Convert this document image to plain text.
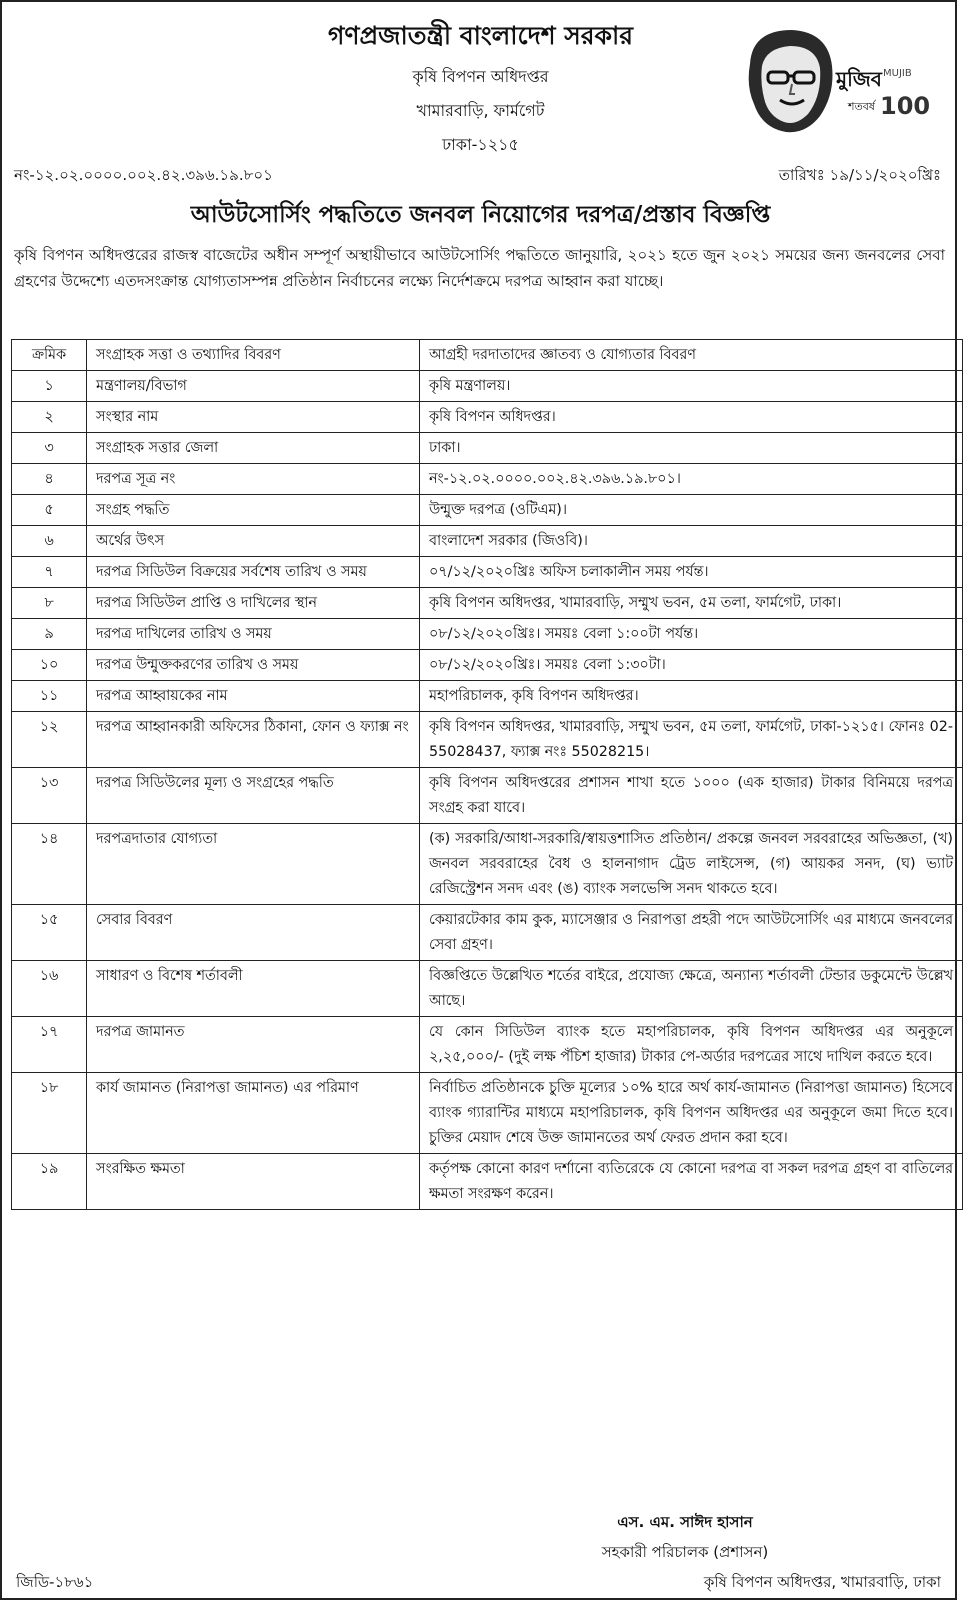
গণপ্রজাতন্ত্রী বাংলাদেশ সরকার
কৃষি বিপণন অধিদপ্তর
খামারবাড়ি, ফার্মগেট
ঢাকা-১২১৫
মুজিব MUJIB
শতবর্ষ 100
নং-১২.০২.০০০০.০০২.৪২.৩৯৬.১৯.৮০১	তারিখঃ ১৯/১১/২০২০খ্রিঃ
আউটসোর্সিং পদ্ধতিতে জনবল নিয়োগের দরপত্র/প্রস্তাব বিজ্ঞপ্তি
কৃষি বিপণন অধিদপ্তরের রাজস্ব বাজেটের অধীন সম্পূর্ণ অস্থায়ীভাবে আউটসোর্সিং পদ্ধতিতে জানুয়ারি, ২০২১ হতে জুন ২০২১ সময়ের জন্য জনবলের সেবা গ্রহণের উদ্দেশ্যে এতদসংক্রান্ত যোগ্যতাসম্পন্ন প্রতিষ্ঠান নির্বাচনের লক্ষ্যে নির্দেশক্রমে দরপত্র আহ্বান করা যাচ্ছে।
ক্রমিক	সংগ্রাহক সত্তা ও তথ্যাদির বিবরণ	আগ্রহী দরদাতাদের জ্ঞাতব্য ও যোগ্যতার বিবরণ
১	মন্ত্রণালয়/বিভাগ	কৃষি মন্ত্রণালয়।
২	সংস্থার নাম	কৃষি বিপণন অধিদপ্তর।
৩	সংগ্রাহক সত্তার জেলা	ঢাকা।
৪	দরপত্র সূত্র নং	নং-১২.০২.০০০০.০০২.৪২.৩৯৬.১৯.৮০১।
৫	সংগ্রহ পদ্ধতি	উন্মুক্ত দরপত্র (ওটিএম)।
৬	অর্থের উৎস	বাংলাদেশ সরকার (জিওবি)।
৭	দরপত্র সিডিউল বিক্রয়ের সর্বশেষ তারিখ ও সময়	০৭/১২/২০২০খ্রিঃ অফিস চলাকালীন সময় পর্যন্ত।
৮	দরপত্র সিডিউল প্রাপ্তি ও দাখিলের স্থান	কৃষি বিপণন অধিদপ্তর, খামারবাড়ি, সম্মুখ ভবন, ৫ম তলা, ফার্মগেট, ঢাকা।
৯	দরপত্র দাখিলের তারিখ ও সময়	০৮/১২/২০২০খ্রিঃ। সময়ঃ বেলা ১:০০টা পর্যন্ত।
১০	দরপত্র উন্মুক্তকরণের তারিখ ও সময়	০৮/১২/২০২০খ্রিঃ। সময়ঃ বেলা ১:৩০টা।
১১	দরপত্র আহ্বায়কের নাম	মহাপরিচালক, কৃষি বিপণন অধিদপ্তর।
১২	দরপত্র আহ্বানকারী অফিসের ঠিকানা, ফোন ও ফ্যাক্স নং	কৃষি বিপণন অধিদপ্তর, খামারবাড়ি, সম্মুখ ভবন, ৫ম তলা, ফার্মগেট, ঢাকা-১২১৫। ফোনঃ 02-55028437, ফ্যাক্স নংঃ 55028215।
১৩	দরপত্র সিডিউলের মূল্য ও সংগ্রহের পদ্ধতি	কৃষি বিপণন অধিদপ্তরের প্রশাসন শাখা হতে ১০০০ (এক হাজার) টাকার বিনিময়ে দরপত্র সংগ্রহ করা যাবে।
১৪	দরপত্রদাতার যোগ্যতা	(ক) সরকারি/আধা-সরকারি/স্বায়ত্তশাসিত প্রতিষ্ঠান/ প্রকল্পে জনবল সরবরাহের অভিজ্ঞতা, (খ) জনবল সরবরাহের বৈধ ও হালনাগাদ ট্রেড লাইসেন্স, (গ) আয়কর সনদ, (ঘ) ভ্যাট রেজিস্ট্রেশন সনদ এবং (ঙ) ব্যাংক সলভেন্সি সনদ থাকতে হবে।
১৫	সেবার বিবরণ	কেয়ারটেকার কাম কুক, ম্যাসেঞ্জার ও নিরাপত্তা প্রহরী পদে আউটসোর্সিং এর মাধ্যমে জনবলের সেবা গ্রহণ।
১৬	সাধারণ ও বিশেষ শর্তাবলী	বিজ্ঞপ্তিতে উল্লেখিত শর্তের বাইরে, প্রযোজ্য ক্ষেত্রে, অন্যান্য শর্তাবলী টেন্ডার ডকুমেন্টে উল্লেখ আছে।
১৭	দরপত্র জামানত	যে কোন সিডিউল ব্যাংক হতে মহাপরিচালক, কৃষি বিপণন অধিদপ্তর এর অনুকূলে ২,২৫,০০০/- (দুই লক্ষ পঁচিশ হাজার) টাকার পে-অর্ডার দরপত্রের সাথে দাখিল করতে হবে।
১৮	কার্য জামানত (নিরাপত্তা জামানত) এর পরিমাণ	নির্বাচিত প্রতিষ্ঠানকে চুক্তি মূল্যের ১০% হারে অর্থ কার্য-জামানত (নিরাপত্তা জামানত) হিসেবে ব্যাংক গ্যারান্টির মাধ্যমে মহাপরিচালক, কৃষি বিপণন অধিদপ্তর এর অনুকূলে জমা দিতে হবে। চুক্তির মেয়াদ শেষে উক্ত জামানতের অর্থ ফেরত প্রদান করা হবে।
১৯	সংরক্ষিত ক্ষমতা	কর্তৃপক্ষ কোনো কারণ দর্শানো ব্যতিরেকে যে কোনো দরপত্র বা সকল দরপত্র গ্রহণ বা বাতিলের ক্ষমতা সংরক্ষণ করেন।
এস. এম. সাঈদ হাসান
সহকারী পরিচালক (প্রশাসন)
কৃষি বিপণন অধিদপ্তর, খামারবাড়ি, ঢাকা
জিডি-১৮৬১
